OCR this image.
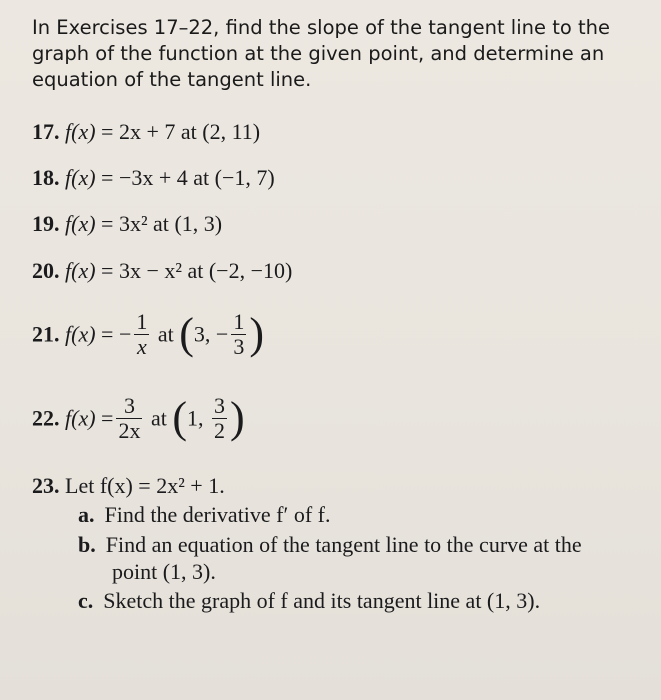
In Exercises 17–22, find the slope of the tangent line to the graph of the function at the given point, and determine an equation of the tangent line.
17. f(x) = 2x + 7 at (2, 11)
18. f(x) = −3x + 4 at (−1, 7)
19. f(x) = 3x² at (1, 3)
20. f(x) = 3x − x² at (−2, −10)
21. f(x) = − $\frac{1}{x}$ at (3, − $\frac{1}{3}$ )
22. $f(x) = \frac{3}{2x}$ at (1, $\frac{3}{2}$ )
23. Let f(x) = 2x² + 1.
a. Find the derivative f′ of f.
b. Find an equation of the tangent line to the curve at the
point (1, 3).
c. Sketch the graph of f and its tangent line at (1, 3).
